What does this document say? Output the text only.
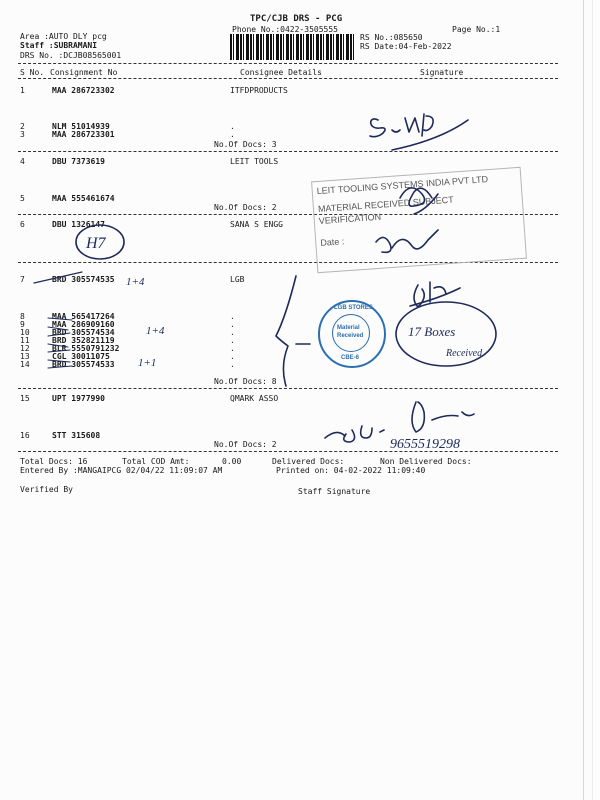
TPC/CJB DRS - PCG
Phone No.:0422-3505555	Page No.:1
Area :AUTO DLY pcg
Staff :SUBRAMANI
DRS No. :DCJB08565001
RS No.:085650
RS Date:04-Feb-2022
S No. Consignment No	Consignee Details	Signature
1	MAA 286723302	ITFDPRODUCTS
2	NLM 51014939	.
3	MAA 286723301	.
No.Of Docs: 3
4	DBU 7373619	LEIT TOOLS
5	MAA 555461674
No.Of Docs: 2
6	DBU 1326147	SANA S ENGG
7	BRD 305574535	LGB
8	MAA 565417264	.
9	MAA 286909160	.
10	BRD 305574534	.
11	BRD 352821119	.
12	BLR 5550791232	.
13	CGL 30011075	.
14	BRD 305574533	.
No.Of Docs: 8
15	UPT 1977990	QMARK ASSO
16	STT 315608
No.Of Docs: 2
Total Docs: 16	Total COD Amt:	0.00	Delivered Docs:	Non Delivered Docs:
Entered By :MANGAIPCG 02/04/22 11:09:07 AM	Printed on: 04-02-2022 11:09:40
Verified By	Staff Signature
LEIT TOOLING SYSTEMS INDIA PVT LTD
MATERIAL RECEIVED SUBJECT
VERIFICATION
Date :
LGB STORES
CBE-6
Material
Received
H7
1+4
1+4
1+1
17 Boxes
Received
9655519298
